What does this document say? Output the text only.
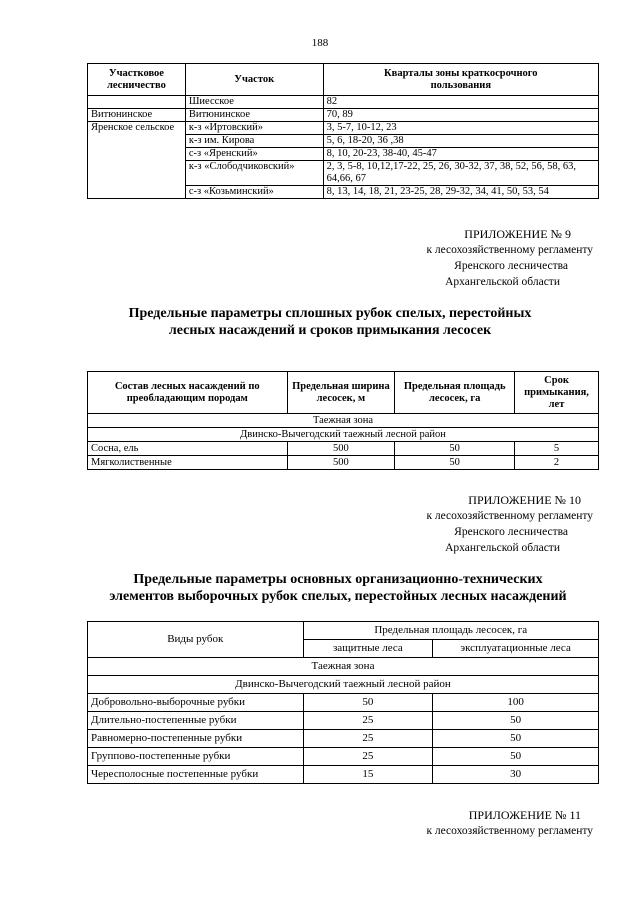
188
Участковое лесничество	Участок	Кварталы зоны краткосрочного пользования
	Шиесское	82
Витюнинское	Витюнинское	70, 89
Яренское сельское	к-з «Иртовский»	3, 5-7, 10-12, 23
	к-з им. Кирова	5, 6, 18-20, 36 ,38
	с-з «Яренский»	8, 10, 20-23, 38-40, 45-47
	к-з «Слободчиковский»	2, 3, 5-8, 10,12,17-22, 25, 26, 30-32, 37, 38, 52, 56, 58, 63, 64,66, 67
	с-з «Козьминский»	8, 13, 14, 18, 21, 23-25, 28, 29-32, 34, 41, 50, 53, 54
ПРИЛОЖЕНИЕ № 9
к лесохозяйственному регламенту
Яренского лесничества
Архангельской области
Предельные параметры сплошных рубок спелых, перестойных
лесных насаждений и сроков примыкания лесосек
Состав лесных насаждений по преобладающим породам	Предельная ширина лесосек, м	Предельная площадь лесосек, га	Срок примыкания, лет
Таежная зона			
Двинско-Вычегодский таежный лесной район			
Сосна, ель	500	50	5
Мягколиственные	500	50	2
ПРИЛОЖЕНИЕ № 10
к лесохозяйственному регламенту
Яренского лесничества
Архангельской области
Предельные параметры основных организационно-технических
элементов выборочных рубок спелых, перестойных лесных насаждений
Виды рубок	Предельная площадь лесосек, га	
	защитные леса	эксплуатационные леса
Таежная зона		
Двинско-Вычегодский таежный лесной район		
Добровольно-выборочные рубки	50	100
Длительно-постепенные рубки	25	50
Равномерно-постепенные рубки	25	50
Группово-постепенные рубки	25	50
Чересполосные постепенные рубки	15	30
ПРИЛОЖЕНИЕ № 11
к лесохозяйственному регламенту
